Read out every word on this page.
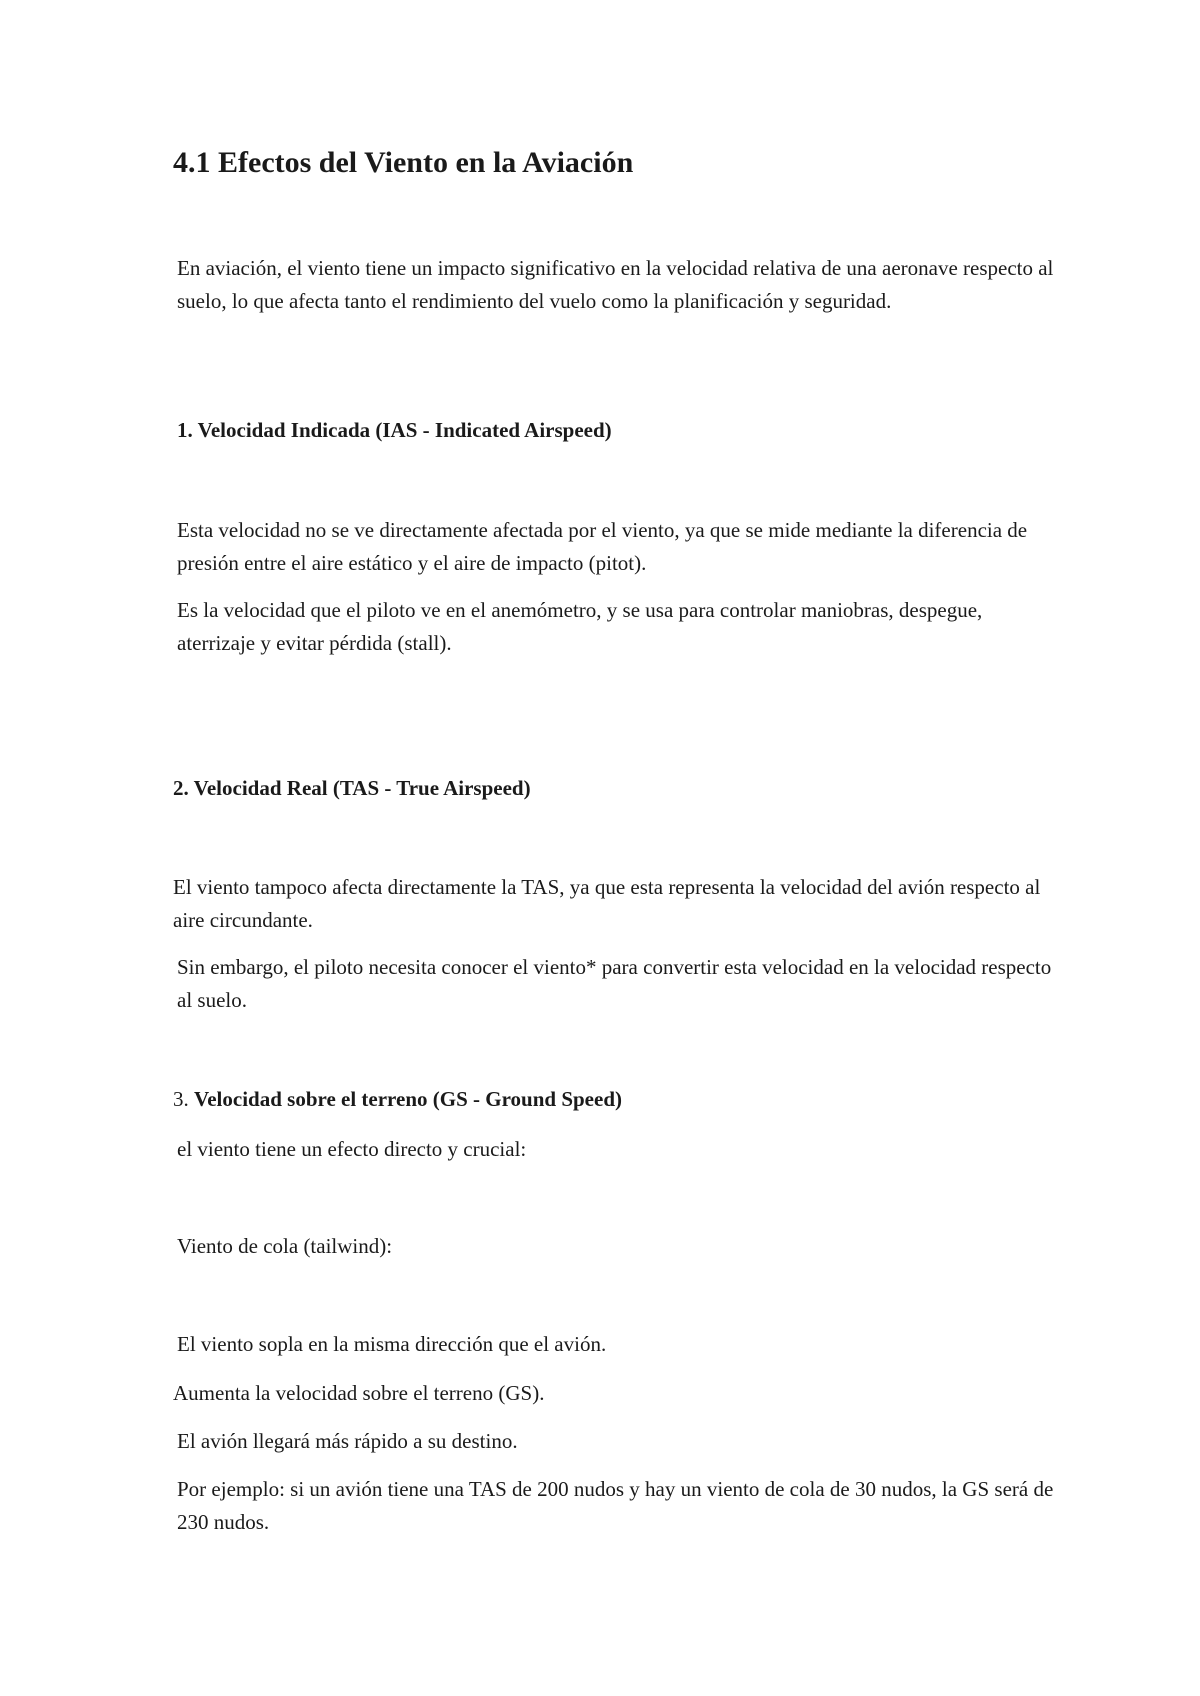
4.1 Efectos del Viento en la Aviación

En aviación, el viento tiene un impacto significativo en la velocidad relativa de una aeronave respecto al suelo, lo que afecta tanto el rendimiento del vuelo como la planificación y seguridad.

1. Velocidad Indicada (IAS - Indicated Airspeed)

Esta velocidad no se ve directamente afectada por el viento, ya que se mide mediante la diferencia de presión entre el aire estático y el aire de impacto (pitot).

Es la velocidad que el piloto ve en el anemómetro, y se usa para controlar maniobras, despegue, aterrizaje y evitar pérdida (stall).

2. Velocidad Real (TAS - True Airspeed)

El viento tampoco afecta directamente la TAS, ya que esta representa la velocidad del avión respecto al aire circundante.

Sin embargo, el piloto necesita conocer el viento* para convertir esta velocidad en la velocidad respecto al suelo.

3. Velocidad sobre el terreno (GS - Ground Speed)

el viento tiene un efecto directo y crucial:

Viento de cola (tailwind):

El viento sopla en la misma dirección que el avión.

Aumenta la velocidad sobre el terreno (GS).

El avión llegará más rápido a su destino.

Por ejemplo: si un avión tiene una TAS de 200 nudos y hay un viento de cola de 30 nudos, la GS será de 230 nudos.
